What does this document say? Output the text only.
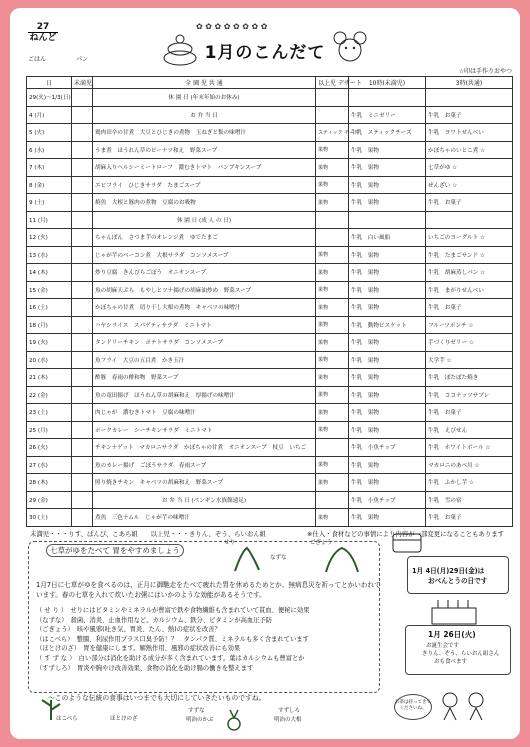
27
ねんど
ごはん	パン
✿ ✿ ✿ ✿ ✿ ✿ ✿ ✿
1月のこんだて
☆印は手作りおやつ
日	未満児	全 園 児 共 通	以上児 デザート	10時(未満児)	3時(共通)
29(火)〜1/3(日)		休 園 日 (年末年始のお休み)			
4 (月)		お 弁 当 日		牛乳　ミニゼリー	牛乳　お菓子
5 (火)		鶏肉田辛の甘煮　大豆とひじきの煮物　玉ねぎと麩の味噌汁	スティック チーズ	牛乳　スティックチーズ	牛乳　ヨワトせんべい
6 (水)		うま煮　ほうれん草のピーナツ和え　野菜スープ	果物	牛乳　果物	かぼちゃのいとこ煮 ☆
7 (木)		胡麻入りヘルシーミートローフ　濃むきトマト　パンプキンスープ	果物	牛乳　果物	七草がゆ ☆
8 (金)		エビフライ　ひじきサラダ　たまごスープ	果物	牛乳　果物	ぜんざい ☆
9 (土)		焼魚　大根と豚肉の煮物　豆腐のお吸物	果物	牛乳　果物	牛乳　お菓子
11 (月)		休 園 日 (成 人 の 日)			
12 (火)		ちゃんぽん　さつま芋のオレンジ煮　ゆでたまご		牛乳　白い風船	いちごのヨーグルト ☆
13 (水)		じゃが芋のベーコン煮　大根サラダ　コンソメスープ	果物	牛乳　果物	牛乳　たまごサンド ☆
14 (木)		炒り豆腐　きんぴらごぼう　オニオンスープ	果物	牛乳　果物	牛乳　胡麻蒸しパン ☆
15 (金)		魚の胡麻天ぷら　もやしとツナ揚げの胡麻油炒め　野菜スープ	果物	牛乳　果物	牛乳　まがりせんべい
16 (土)		かぼちゃの甘煮　切り干し大根の煮物　キャベツの味噌汁	果物	牛乳　果物	牛乳　お菓子
18 (月)		ハヤシライス　スパゲティサラダ　ミニトマト	果物	牛乳　動物ビスケット	フルーツポンチ ☆
19 (火)		タンドリーチキン　ポテトサラダ　コンソメスープ	果物	牛乳　果物	手づくりゼリー ☆
20 (水)		魚フライ　大豆の五目煮　かき玉汁	果物	牛乳　果物	大学芋 ☆
21 (木)		酢豚　春雨の酢和物　野菜スープ	果物	牛乳　果物	牛乳　ぽたぽた焼き
22 (金)		魚の竜田揚げ　ほうれん草の胡麻和え　厚揚げの味噌汁	果物	牛乳　果物	牛乳　ココナッツサブレ
23 (土)		肉じゃが　濃むきトマト　豆腐の味噌汁	果物	牛乳　果物	牛乳　お菓子
25 (月)		ポークカレー　シーチキンサラダ　ミニトマト	果物	牛乳　果物	牛乳　えびせん
26 (火)		チキンナゲット　マカロニサラダ　かぼちゃの甘煮　オニオンスープ　枝豆　いちご		牛乳　小魚チップ	牛乳　ホワイトボール ☆
27 (水)		魚のカレー揚げ　ごぼうサラダ　春雨スープ	果物	牛乳　果物	マカロニのあべ川 ☆
28 (木)		照り焼きチキン　キャベツの胡麻和え　野菜スープ	果物	牛乳　果物	牛乳　ふかし芋 ☆
29 (金)		お 弁 当 日 (ペンギン水族館遠足)		牛乳　小魚チップ	牛乳　雪の宿
30 (土)		煮魚　三色ナムル　じゃが芋の味噌汁	果物	牛乳　果物	牛乳　お菓子
未満児・・・りす、ぱんび、こあら組　　以上児・・・きりん、ぞう、らいおん組	※仕入・食材などの事情により内容が一部変更になることもあります
七草がゆをたべて 胃をやすめましょう
せり
なずな
ごぎょう
1月7日に七草がゆを食べるのは、正月に御馳走をたべて疲れた胃を休めるためとか、無病息災を祈ってとかいわれています。春の七草を入れて炊いたお粥にはいかのような効能があるそうです。
（ せ り ）　せりにはビタミンやミネラルが豊富で鉄や食物繊維も含まれていて貧血、便秘に効果
（なずな）　殺菌、消炎、止血作用など。カルシウム、鉄分、ビタミンが高血圧予防
（ごぎょう）　咳や風邪(吐き気、胃炎、たん、熱)の症状を改善？
（はこべら）　整腸、利尿作用プラス口臭予防！？　タンパク質、ミネラルも多く含まれています
（ほとけのざ）　胃を健康にします。解熱作用、風邪の症状改善にも効果
（ す ず な ）　白い部分は消化を助ける成分が多く含まれています。葉はカルシウムも豊富とか
（すずしろ）　胃炎や胸やけ改善効果、食物の消化を助け腸の働きを整えます
〜このような伝統の食事はいつまでも大切にしていきたいものですね。
はこべら	ほとけのざ
すずな
明治のかぶ
すずしろ
明治の大根
1月 4日(月)29日(金)は
おべんとうの日です
1月 26日(火)
お誕生会です
きりん、ぞう、らいおん組さん
おも食べます
お茶は持ってきてくださいね。
